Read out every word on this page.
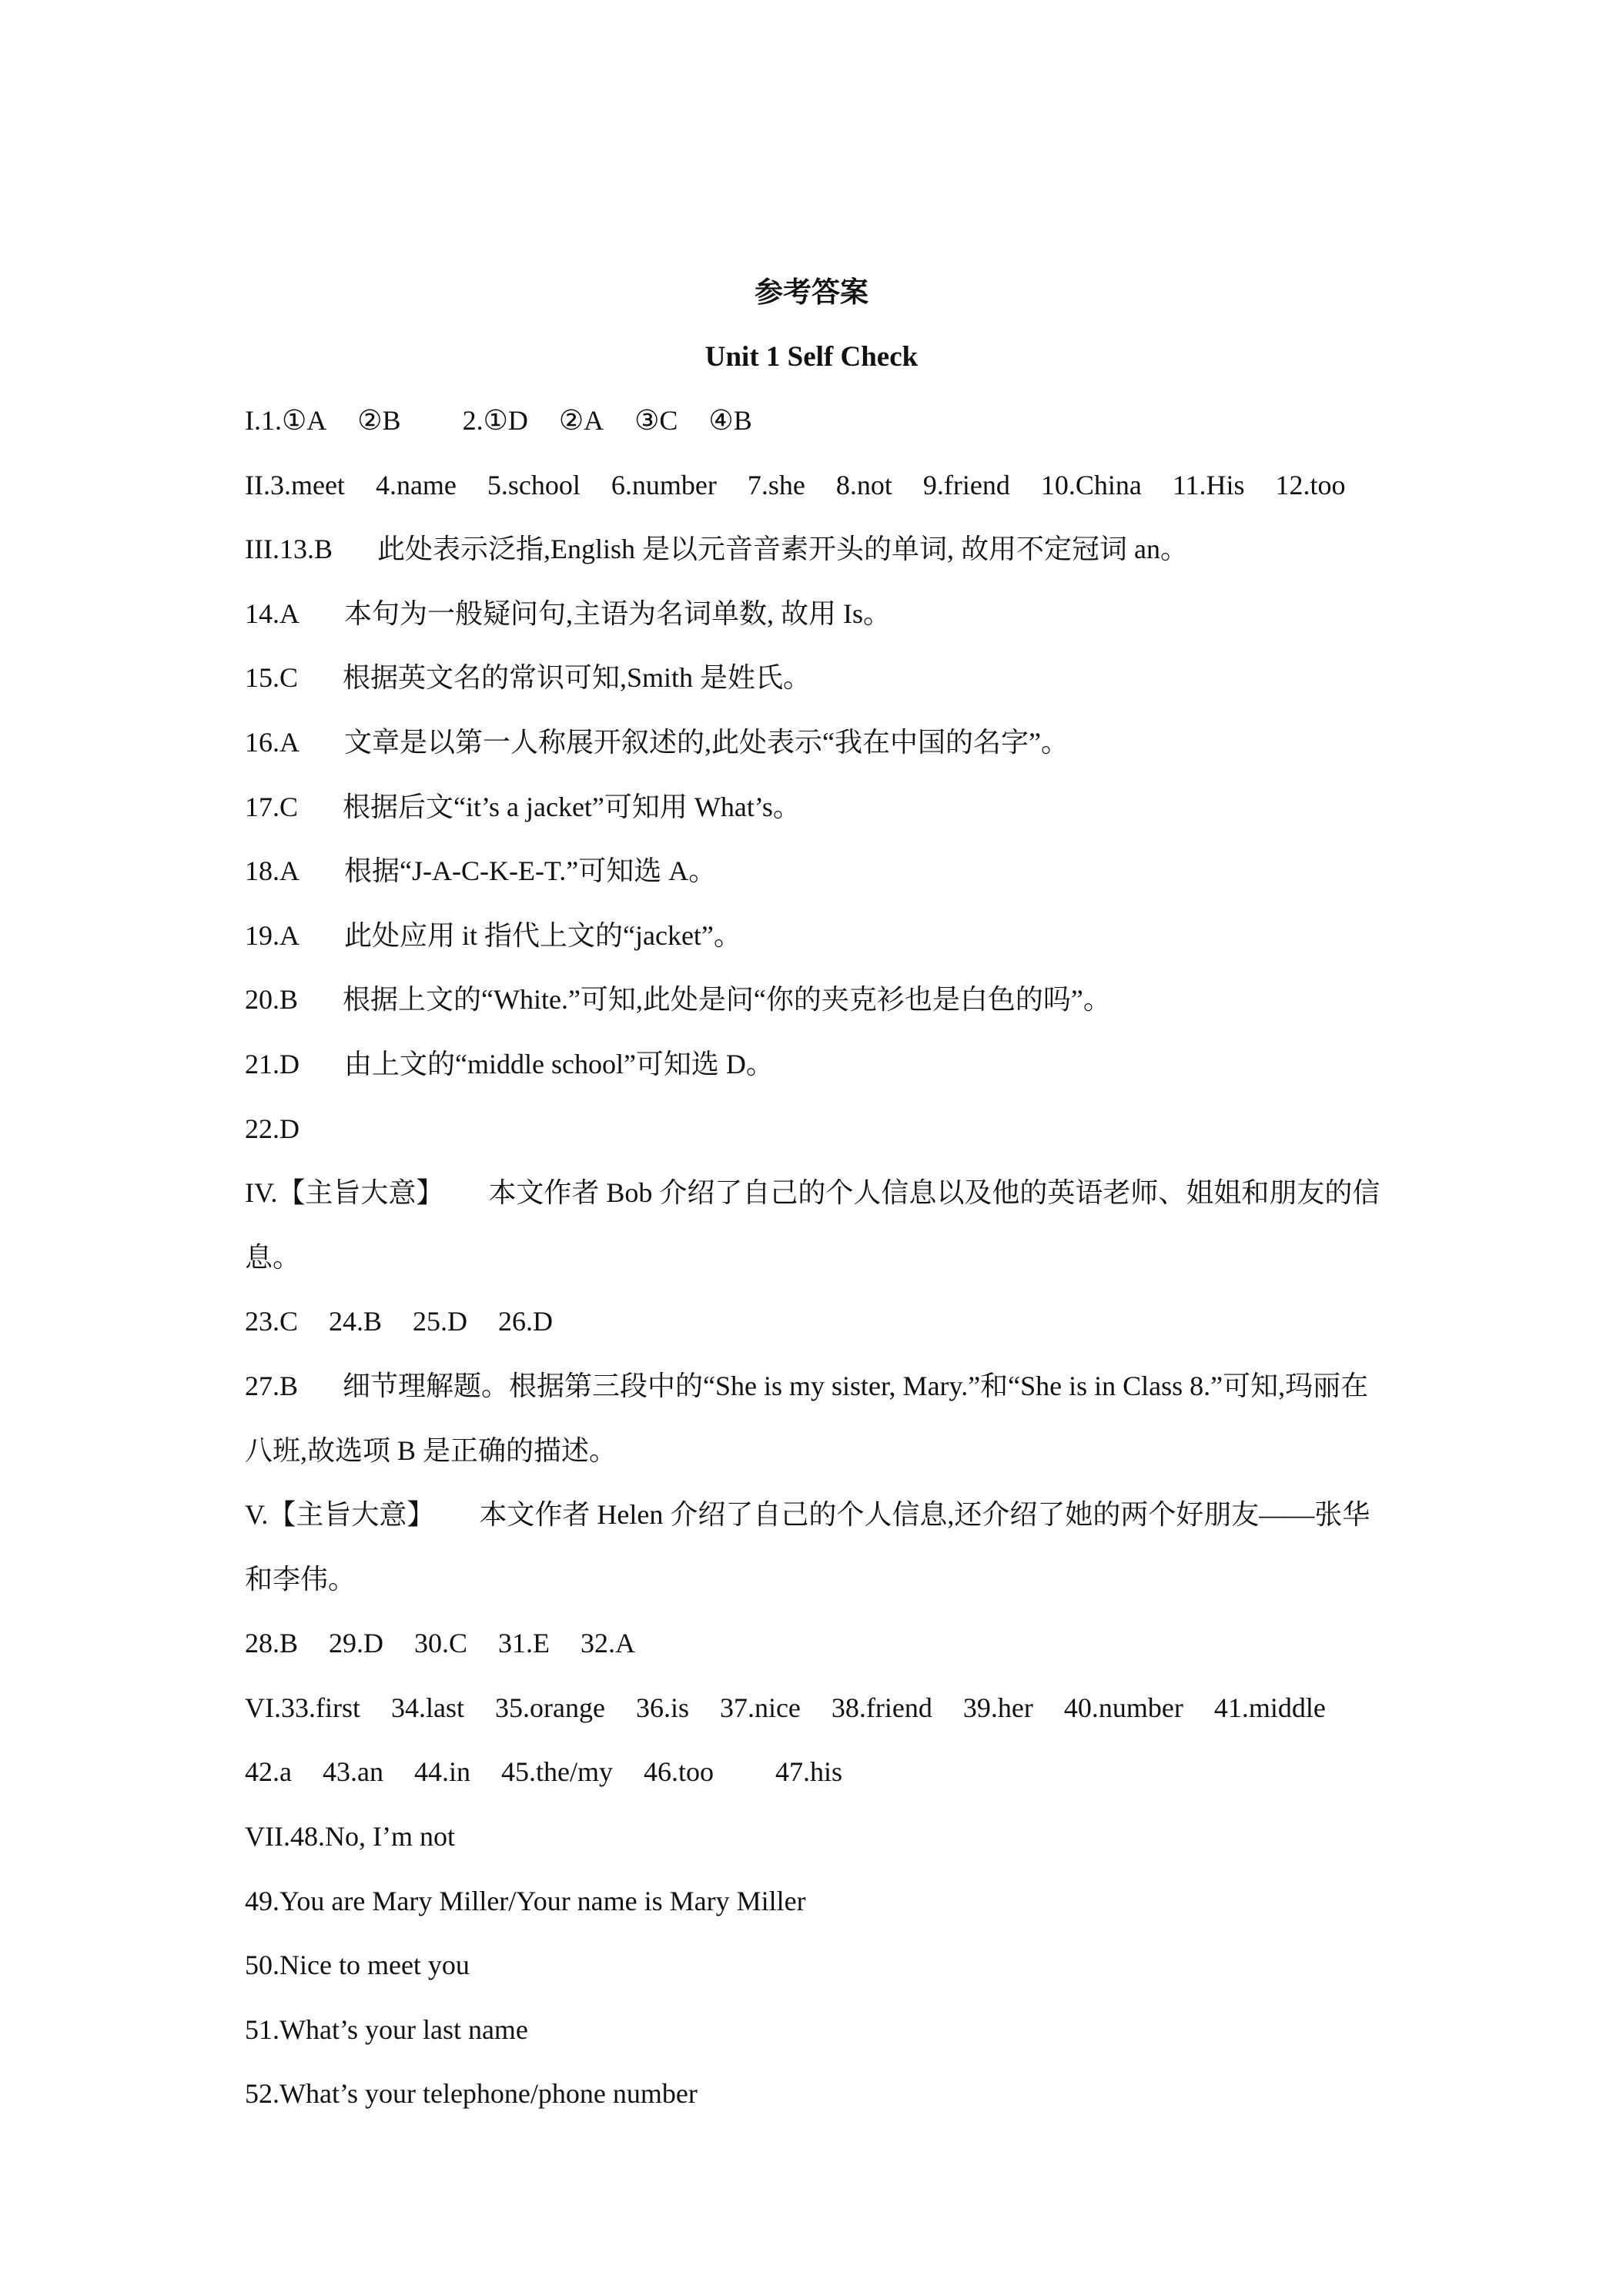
参考答案
Unit 1 Self Check
I.1.①A ②B 2.①D ②A ③C ④B
II.3.meet 4.name 5.school 6.number 7.she 8.not 9.friend 10.China 11.His 12.too
III.13.B 此处表示泛指,English 是以元音音素开头的单词, 故用不定冠词 an。
14.A 本句为一般疑问句,主语为名词单数, 故用 Is。
15.C 根据英文名的常识可知,Smith 是姓氏。
16.A 文章是以第一人称展开叙述的,此处表示“我在中国的名字”。
17.C 根据后文“it’s a jacket”可知用 What’s。
18.A 根据“J-A-C-K-E-T.”可知选 A。
19.A 此处应用 it 指代上文的“jacket”。
20.B 根据上文的“White.”可知,此处是问“你的夹克衫也是白色的吗”。
21.D 由上文的“middle school”可知选 D。
22.D
IV.【主旨大意】 本文作者 Bob 介绍了自己的个人信息以及他的英语老师、姐姐和朋友的信
息。
23.C 24.B 25.D 26.D
27.B 细节理解题。根据第三段中的“She is my sister, Mary.”和“She is in Class 8.”可知,玛丽在
八班,故选项 B 是正确的描述。
V.【主旨大意】 本文作者 Helen 介绍了自己的个人信息,还介绍了她的两个好朋友——张华
和李伟。
28.B 29.D 30.C 31.E 32.A
VI.33.first 34.last 35.orange 36.is 37.nice 38.friend 39.her 40.number 41.middle
42.a 43.an 44.in 45.the/my 46.too 47.his
VII.48.No, I’m not
49.You are Mary Miller/Your name is Mary Miller
50.Nice to meet you
51.What’s your last name
52.What’s your telephone/phone number
